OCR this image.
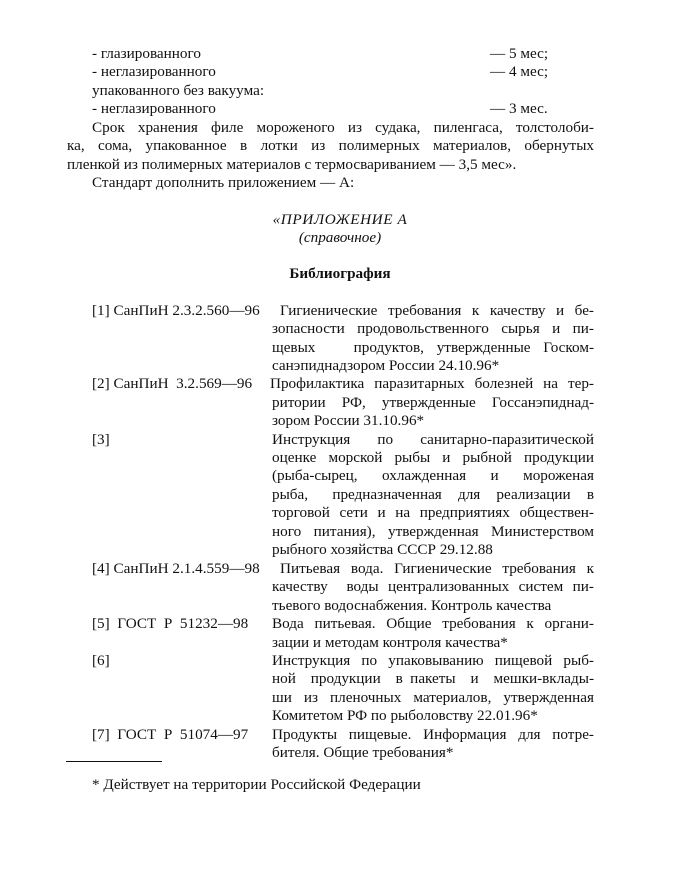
- глазированного	— 5 мес;
- неглазированного	— 4 мес;
упакованного без вакуума:
- неглазированного	— 3 мес.
Срок хранения филе мороженого из судака, пиленгаса, толстолоби-
ка, сома, упакованное в лотки из полимерных материалов, обернутых
пленкой из полимерных материалов с термосвариванием — 3,5 мес».
Стандарт дополнить приложением — А:
«ПРИЛОЖЕНИЕ А
(справочное)
Библиография
[1] СанПиН 2.3.2.560—96 Гигиенические требования к качеству и бе-
зопасности продовольственного сырья и пи-
щевых   продуктов, утвержденные Госком-
санэпиднадзором России 24.10.96*
[2] СанПиН  3.2.569—96 Профилактика паразитарных болезней на тер-
ритории РФ, утвержденные Госсанэпиднад-
зором России 31.10.96*
[3]	Инструкция  по  санитарно-паразитической
оценке морской рыбы и рыбной продукции
(рыба-сырец,   охлажденная   и   мороженая
рыба,   предназначенная  для  реализации  в
торговой сети и на предприятиях обществен-
ного питания), утвержденная Министерством
рыбного хозяйства СССР 29.12.88
[4] СанПиН 2.1.4.559—98 Питьевая вода. Гигиенические требования к
качеству  воды централизованных систем пи-
тьевого водоснабжения. Контроль качества
[5]  ГОСТ  Р  51232—98 Вода питьевая. Общие требования к органи-
зации и методам контроля качества*
[6]	Инструкция по упаковыванию пищевой рыб-
ной  продукции  в пакеты  и  мешки-вклады-
ши из пленочных материалов, утвержденная
Комитетом РФ по рыболовству 22.01.96*
[7]  ГОСТ  Р  51074—97 Продукты пищевые. Информация для потре-
бителя. Общие требования*
* Действует на территории Российской Федерации
